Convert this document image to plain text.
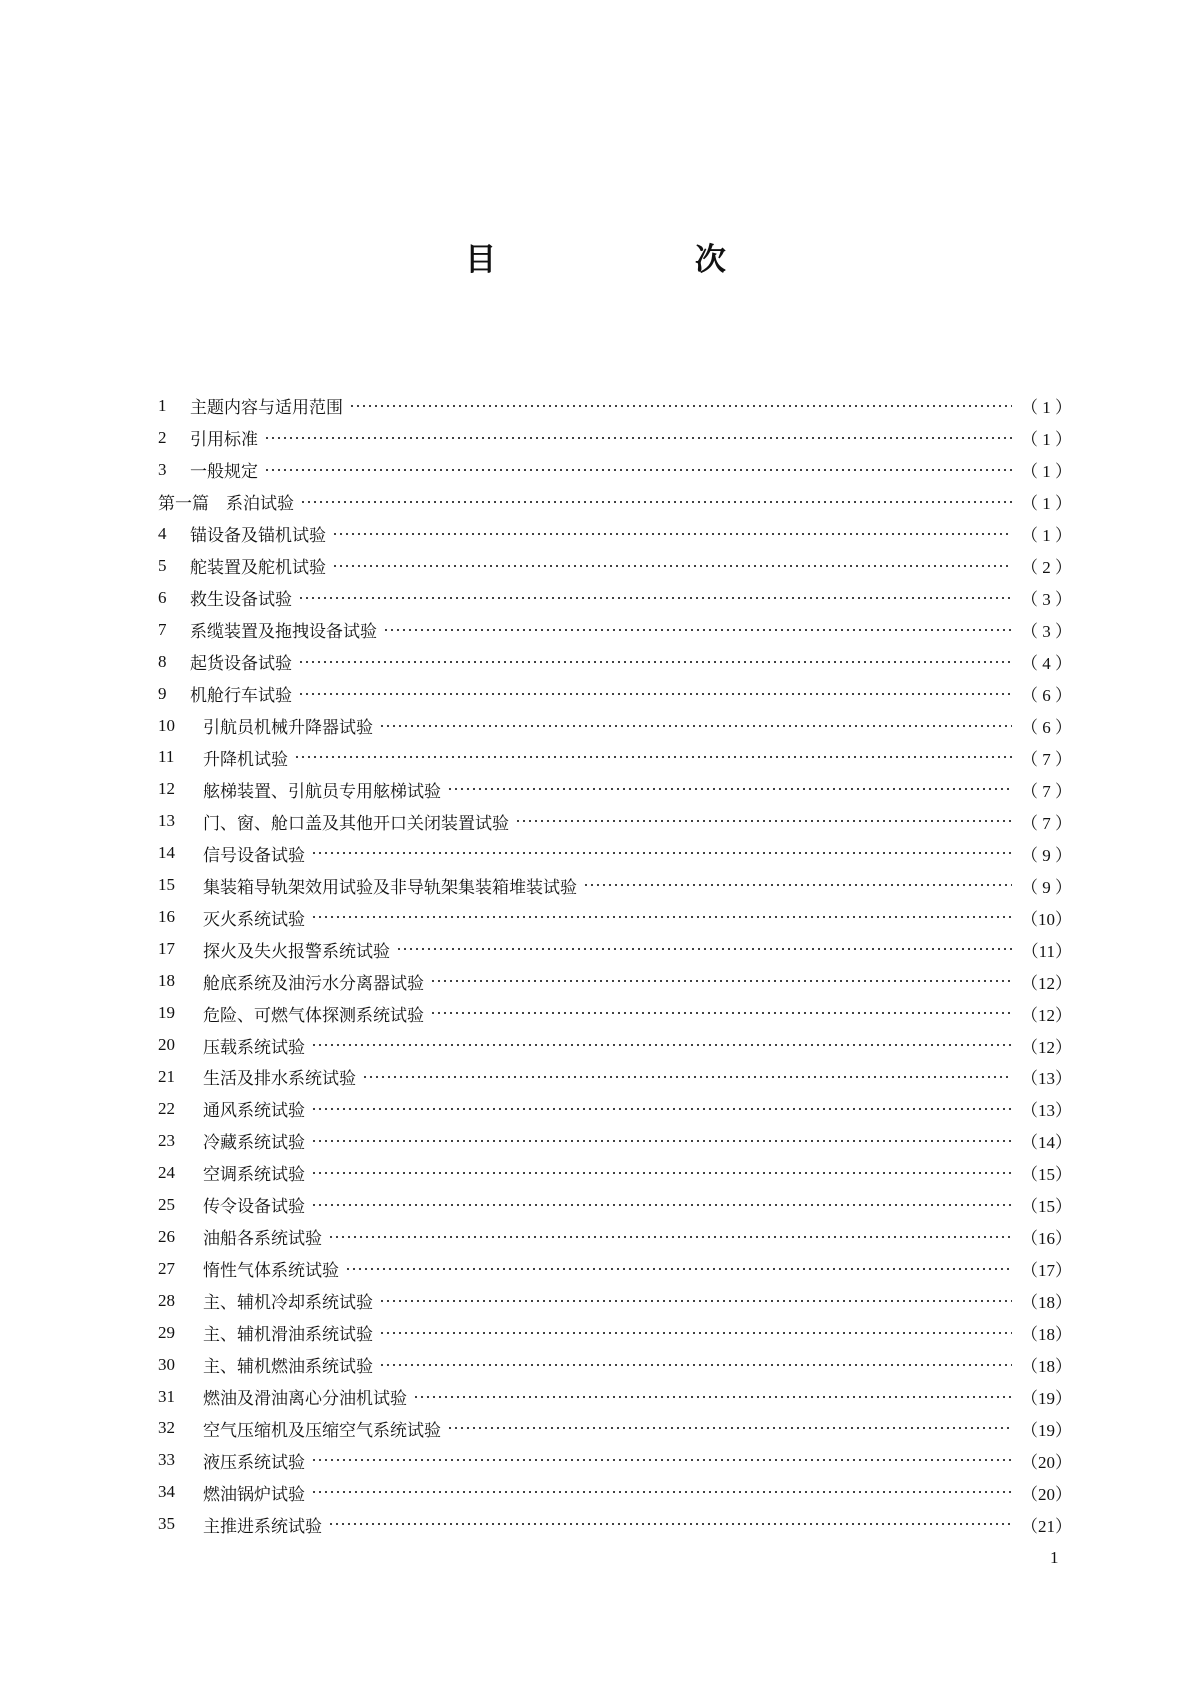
目 次
1	主题内容与适用范围	（ 1 ）
2	引用标准	（ 1 ）
3	一般规定	（ 1 ）
第一篇　系泊试验	（ 1 ）
4	锚设备及锚机试验	（ 1 ）
5	舵装置及舵机试验	（ 2 ）
6	救生设备试验	（ 3 ）
7	系缆装置及拖拽设备试验	（ 3 ）
8	起货设备试验	（ 4 ）
9	机舱行车试验	（ 6 ）
10	引航员机械升降器试验	（ 6 ）
11	升降机试验	（ 7 ）
12	舷梯装置、引航员专用舷梯试验	（ 7 ）
13	门、窗、舱口盖及其他开口关闭装置试验	（ 7 ）
14	信号设备试验	（ 9 ）
15	集装箱导轨架效用试验及非导轨架集装箱堆装试验	（ 9 ）
16	灭火系统试验	（10）
17	探火及失火报警系统试验	（11）
18	舱底系统及油污水分离器试验	（12）
19	危险、可燃气体探测系统试验	（12）
20	压载系统试验	（12）
21	生活及排水系统试验	（13）
22	通风系统试验	（13）
23	冷藏系统试验	（14）
24	空调系统试验	（15）
25	传令设备试验	（15）
26	油船各系统试验	（16）
27	惰性气体系统试验	（17）
28	主、辅机冷却系统试验	（18）
29	主、辅机滑油系统试验	（18）
30	主、辅机燃油系统试验	（18）
31	燃油及滑油离心分油机试验	（19）
32	空气压缩机及压缩空气系统试验	（19）
33	液压系统试验	（20）
34	燃油锅炉试验	（20）
35	主推进系统试验	（21）
1
